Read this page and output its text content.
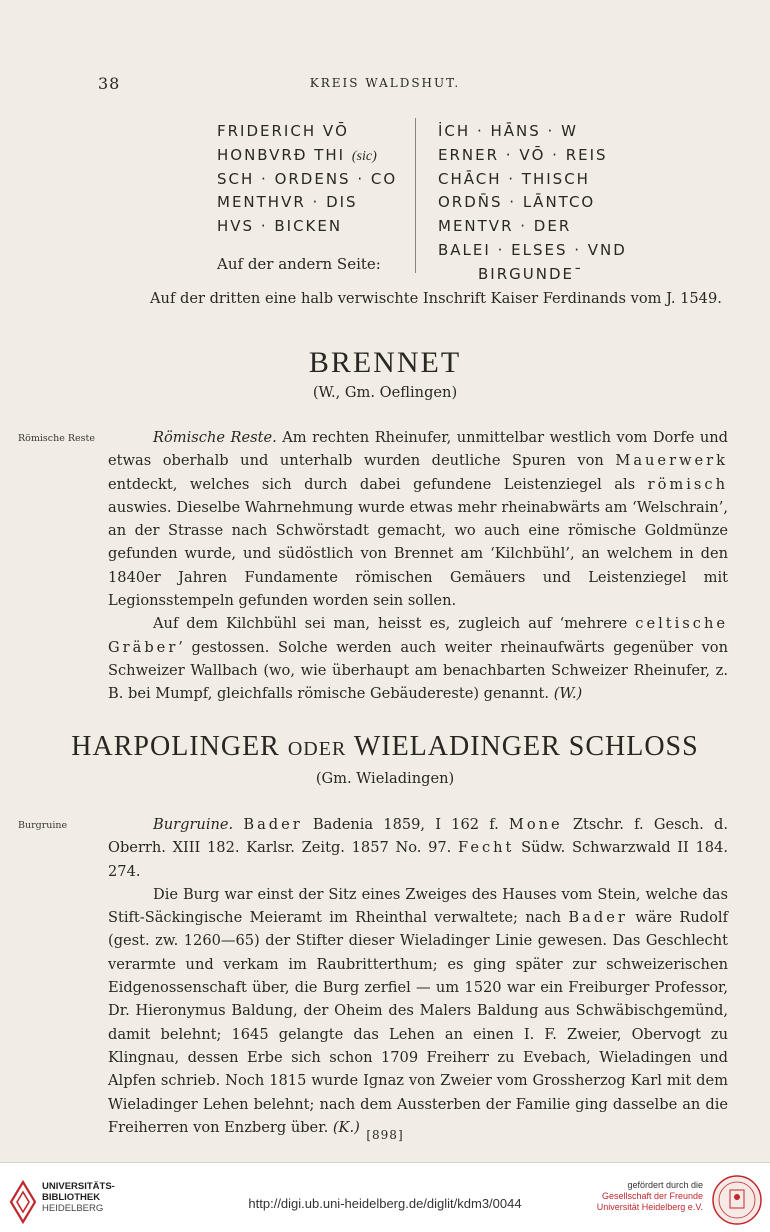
38	KREIS WALDSHUT.
FRIDERICH VŌ
HONBVRĐ THI (sic)
SCH · ORDENS · CO
MENTHVR · DIS
HVS · BICKEN
İCH · HĀNS · W
ERNER · VŌ · REIS
CHĀCH · THISCH
ORDN̄S · LĀNTCO
MENTVR · DER
BALEI · ELSES · VND
BIRGUNDE¯
Auf der andern Seite:
Auf der dritten eine halb verwischte Inschrift Kaiser Ferdinands vom J. 1549.
BRENNET
(W., Gm. Oeflingen)
Römische Reste	Römische Reste. Am rechten Rheinufer, unmittelbar westlich vom Dorfe und etwas oberhalb und unterhalb wurden deutliche Spuren von Mauerwerk entdeckt, welches sich durch dabei gefundene Leistenziegel als römisch auswies. Dieselbe Wahrnehmung wurde etwas mehr rheinabwärts am ‘Welschrain’, an der Strasse nach Schwörstadt gemacht, wo auch eine römische Goldmünze gefunden wurde, und südöstlich von Brennet am ‘Kilchbühl’, an welchem in den 1840er Jahren Fundamente römischen Gemäuers und Leistenziegel mit Legionsstempeln gefunden worden sein sollen.

Auf dem Kilchbühl sei man, heisst es, zugleich auf ‘mehrere celtische Gräber’ gestossen. Solche werden auch weiter rheinaufwärts gegenüber von Schweizer Wallbach (wo, wie überhaupt am benachbarten Schweizer Rheinufer, z. B. bei Mumpf, gleichfalls römische Gebäudereste) genannt. (W.)

HARPOLINGER ODER WIELADINGER SCHLOSS
(Gm. Wieladingen)
Burgruine	Burgruine. Bader Badenia 1859, I 162 f. Mone Ztschr. f. Gesch. d. Oberrh. XIII 182. Karlsr. Zeitg. 1857 No. 97. Fecht Südw. Schwarzwald II 184. 274.

Die Burg war einst der Sitz eines Zweiges des Hauses vom Stein, welche das Stift-Säckingische Meieramt im Rheinthal verwaltete; nach Bader wäre Rudolf (gest. zw. 1260—65) der Stifter dieser Wieladinger Linie gewesen. Das Geschlecht verarmte und verkam im Raubritterthum; es ging später zur schweizerischen Eidgenossenschaft über, die Burg zerfiel — um 1520 war ein Freiburger Professor, Dr. Hieronymus Baldung, der Oheim des Malers Baldung aus Schwäbischgemünd, damit belehnt; 1645 gelangte das Lehen an einen I. F. Zweier, Obervogt zu Klingnau, dessen Erbe sich schon 1709 Freiherr zu Evebach, Wieladingen und Alpfen schrieb. Noch 1815 wurde Ignaz von Zweier vom Grossherzog Karl mit dem Wieladinger Lehen belehnt; nach dem Aussterben der Familie ging dasselbe an die Freiherren von Enzberg über. (K.) [898]
UNIVERSITÄTS-
BIBLIOTHEK
HEIDELBERG	http://digi.ub.uni-heidelberg.de/diglit/kdm3/0044
gefördert durch die
Gesellschaft der Freunde
Universität Heidelberg e.V.
